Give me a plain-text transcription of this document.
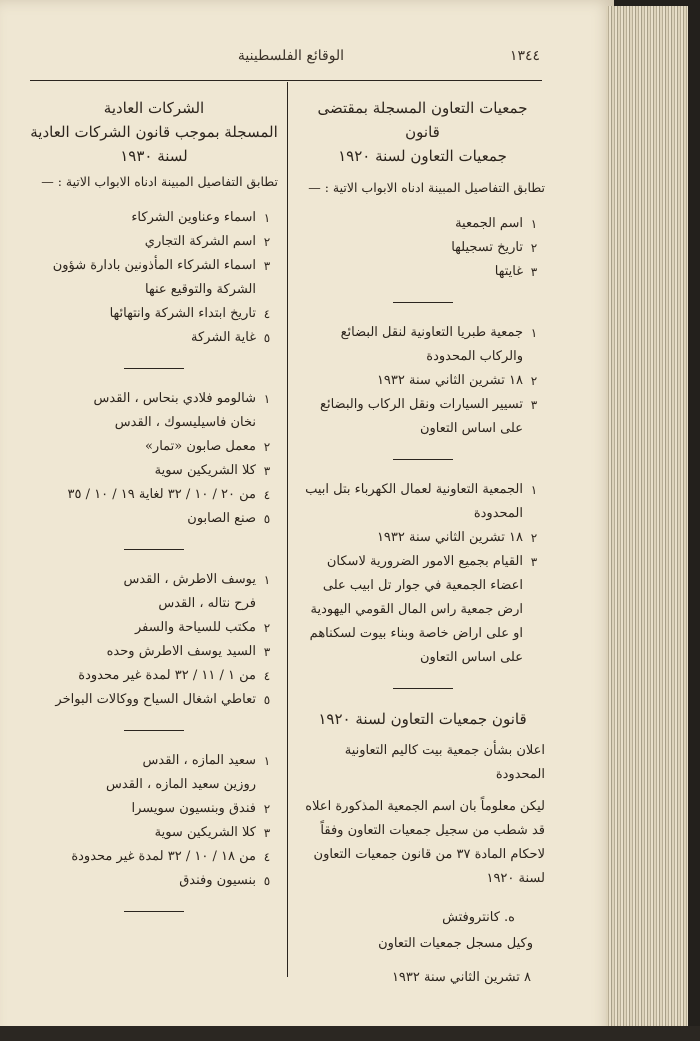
الوقائع الفلسطينية	١٣٤٤
جمعيات التعاون المسجلة بمقتضى قانون
جمعيات التعاون لسنة ١٩٢٠
تطابق التفاصيل المبينة ادناه الابواب الاتية : —
١
اسم الجمعية
٢
تاريخ تسجيلها
٣
غايتها
١
جمعية طبريا التعاونية لنقل البضائع والركاب المحدودة
٢
١٨ تشرين الثاني سنة ١٩٣٢
٣
تسيير السيارات ونقل الركاب والبضائع على اساس التعاون
١
الجمعية التعاونية لعمال الكهرباء بتل ابيب المحدودة
٢
١٨ تشرين الثاني سنة ١٩٣٢
٣
القيام بجميع الامور الضرورية لاسكان اعضاء الجمعية في جوار تل ابيب على ارض جمعية راس المال القومي اليهودية او على اراض خاصة وبناء بيوت لسكناهم على اساس التعاون
قانون جمعيات التعاون لسنة ١٩٢٠
اعلان بشأن جمعية بيت كاليم التعاونية المحدودة
ليكن معلوماً بان اسم الجمعية المذكورة اعلاه قد شطب من سجيل جمعيات التعاون وفقاً لاحكام المادة ٣٧ من قانون جمعيات التعاون لسنة ١٩٢٠
ه. كانتروفتش
وكيل مسجل جمعيات التعاون
٨ تشرين الثاني سنة ١٩٣٢
الشركات العادية
المسجلة بموجب قانون الشركات العادية لسنة ١٩٣٠
تطابق التفاصيل المبينة ادناه الابواب الاتية : —
١
اسماء وعناوين الشركاء
٢
اسم الشركة التجاري
٣
اسماء الشركاء المأذونين بادارة شؤون الشركة والتوقيع عنها
٤
تاريخ ابتداء الشركة وانتهائها
٥
غاية الشركة
١
شالومو فلادي بنحاس ، القدس
نخان فاسيليسوك ، القدس
٢
معمل صابون «تمار»
٣
كلا الشريكين سوية
٤
من ٢٠ / ١٠ / ٣٢ لغاية ١٩ / ١٠ / ٣٥
٥
صنع الصابون
١
يوسف الاطرش ، القدس
فرح نتاله ، القدس
٢
مكتب للسياحة والسفر
٣
السيد يوسف الاطرش وحده
٤
من ١ / ١١ / ٣٢ لمدة غير محدودة
٥
تعاطي اشغال السياح ووكالات البواخر
١
سعيد المازه ، القدس
روزين سعيد المازه ، القدس
٢
فندق وبنسيون سويسرا
٣
كلا الشريكين سوية
٤
من ١٨ / ١٠ / ٣٢ لمدة غير محدودة
٥
بنسيون وفندق
